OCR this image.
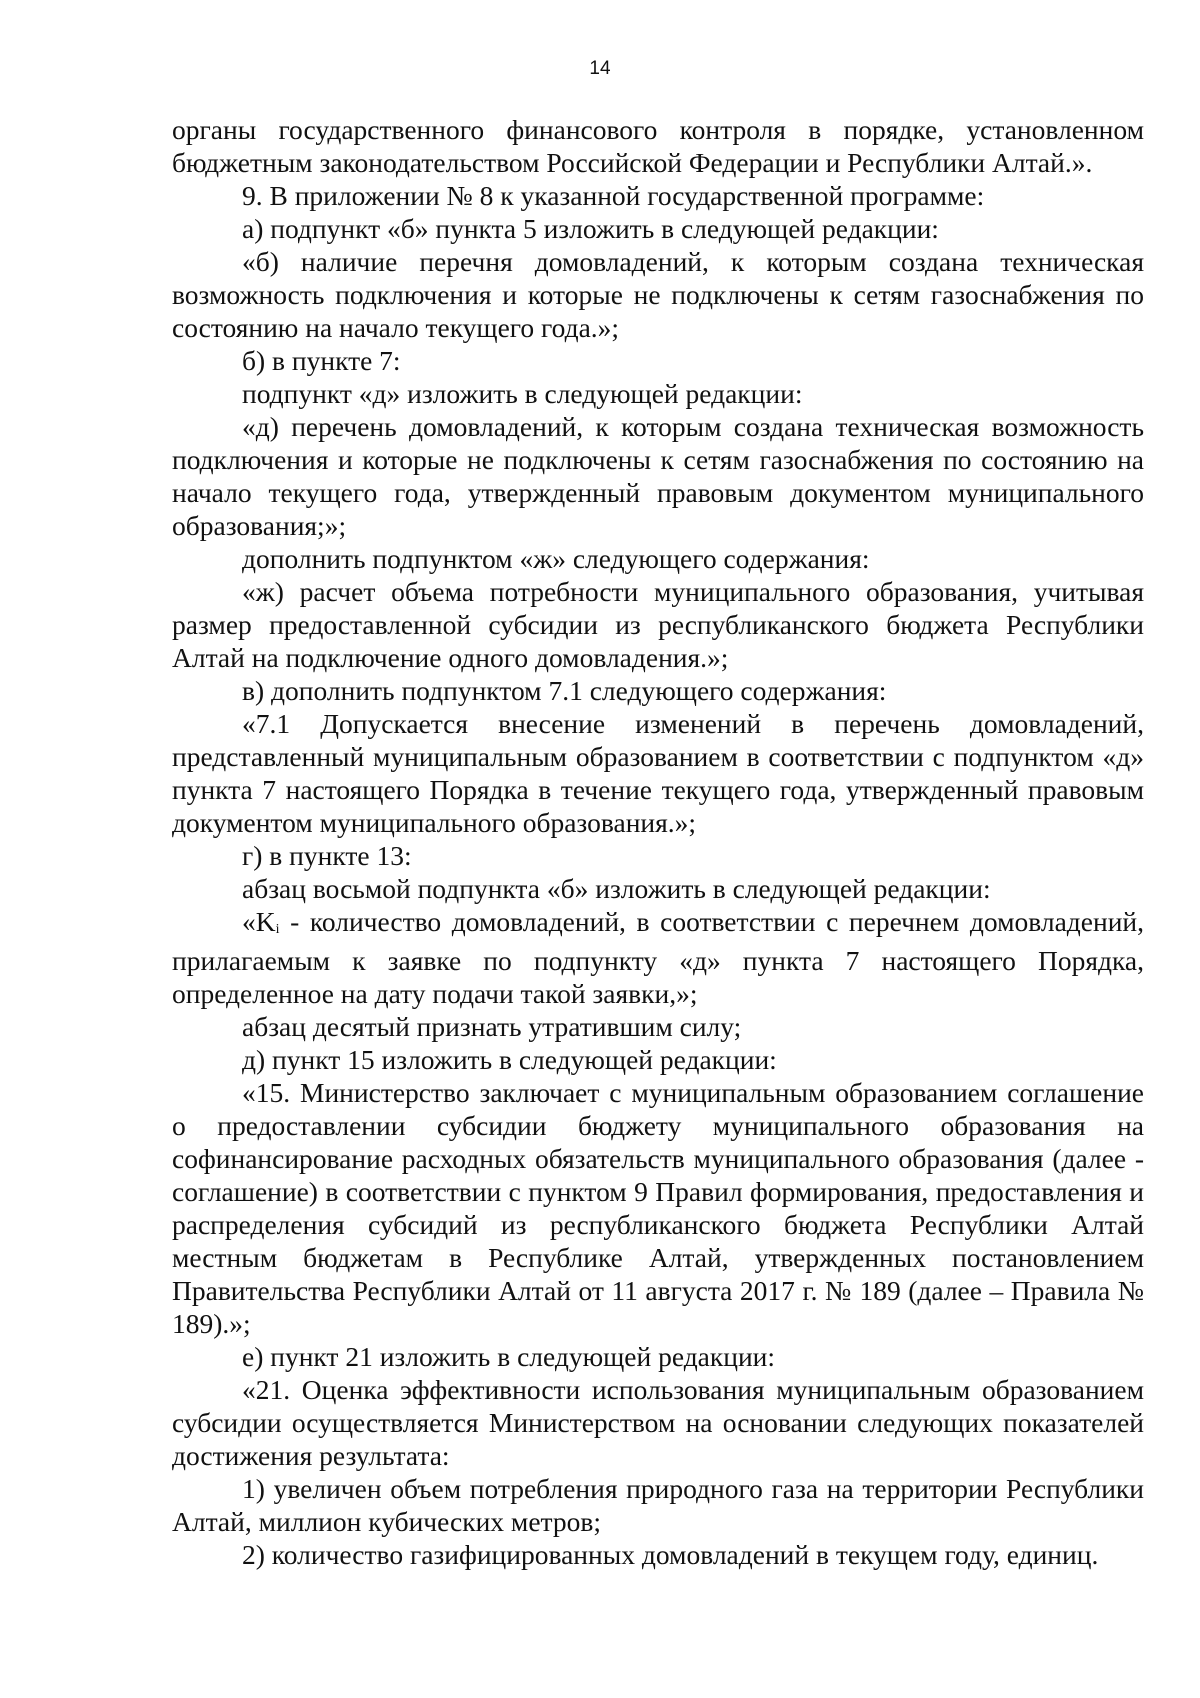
14

органы государственного финансового контроля в порядке, установленном бюджетным законодательством Российской Федерации и Республики Алтай.».

9. В приложении № 8 к указанной государственной программе:

а) подпункт «б» пункта 5 изложить в следующей редакции:

«б) наличие перечня домовладений, к которым создана техническая возможность подключения и которые не подключены к сетям газоснабжения по состоянию на начало текущего года.»;

б) в пункте 7:

подпункт «д» изложить в следующей редакции:

«д) перечень домовладений, к которым создана техническая возможность подключения и которые не подключены к сетям газоснабжения по состоянию на начало текущего года, утвержденный правовым документом муниципального образования;»;

дополнить подпунктом «ж» следующего содержания:

«ж) расчет объема потребности муниципального образования, учитывая размер предоставленной субсидии из республиканского бюджета Республики Алтай на подключение одного домовладения.»;

в) дополнить подпунктом 7.1 следующего содержания:

«7.1 Допускается внесение изменений в перечень домовладений, представленный муниципальным образованием в соответствии с подпунктом «д» пункта 7 настоящего Порядка в течение текущего года, утвержденный правовым документом муниципального образования.»;

г) в пункте 13:

абзац восьмой подпункта «б» изложить в следующей редакции:

«$K_i$ - количество домовладений, в соответствии с перечнем домовладений, прилагаемым к заявке по подпункту «д» пункта 7 настоящего Порядка, определенное на дату подачи такой заявки,»;

абзац десятый признать утратившим силу;

д) пункт 15 изложить в следующей редакции:

«15. Министерство заключает с муниципальным образованием соглашение о предоставлении субсидии бюджету муниципального образования на софинансирование расходных обязательств муниципального образования (далее - соглашение) в соответствии с пунктом 9 Правил формирования, предоставления и распределения субсидий из республиканского бюджета Республики Алтай местным бюджетам в Республике Алтай, утвержденных постановлением Правительства Республики Алтай от 11 августа 2017 г. № 189 (далее – Правила № 189).»;

е) пункт 21 изложить в следующей редакции:

«21. Оценка эффективности использования муниципальным образованием субсидии осуществляется Министерством на основании следующих показателей достижения результата:

1) увеличен объем потребления природного газа на территории Республики Алтай, миллион кубических метров;

2) количество газифицированных домовладений в текущем году, единиц.
